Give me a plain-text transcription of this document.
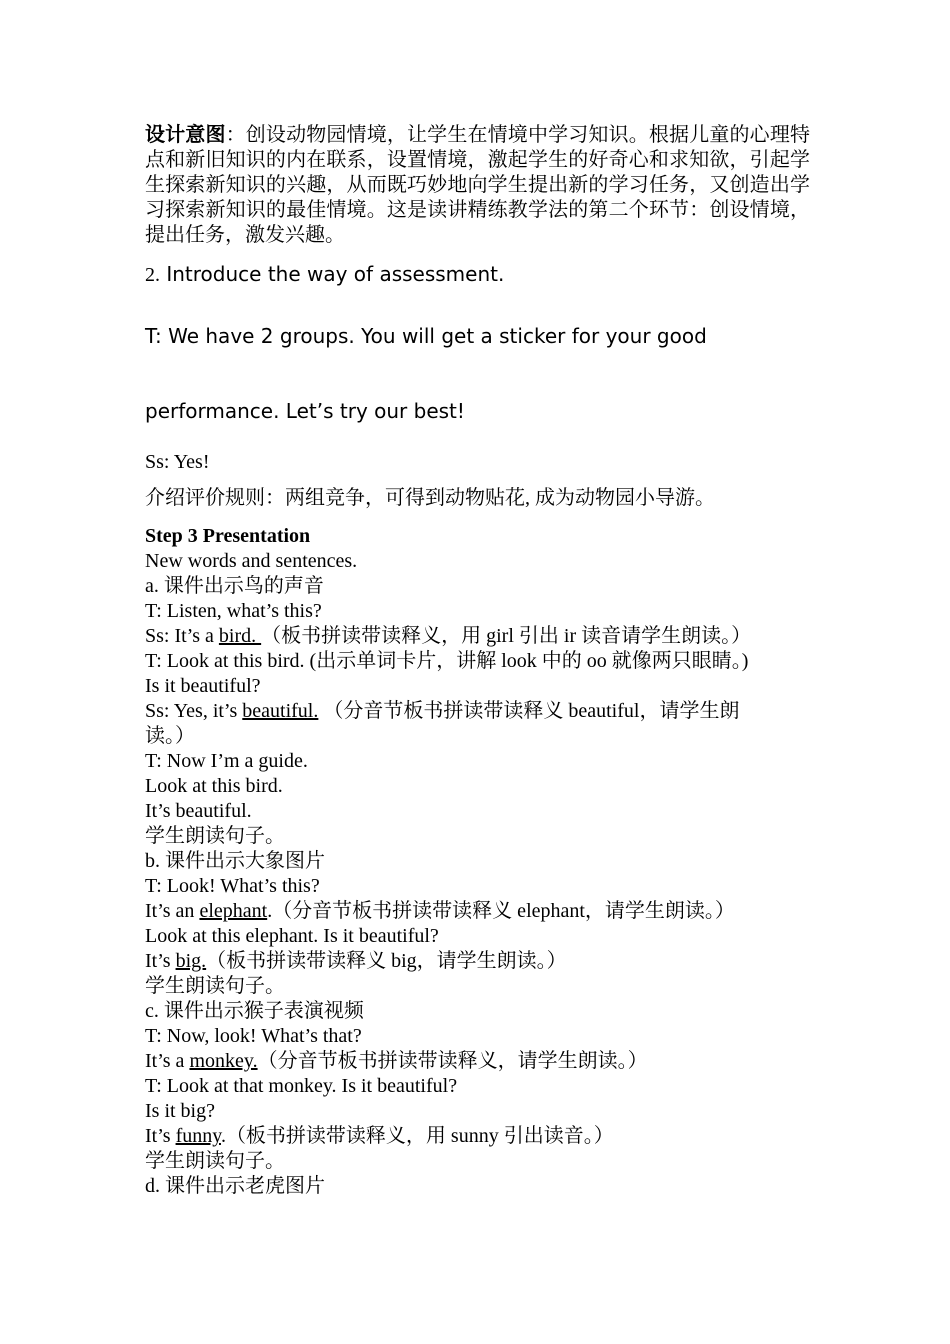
设计意图：创设动物园情境，让学生在情境中学习知识。根据儿童的心理特点和新旧知识的内在联系，设置情境，激起学生的好奇心和求知欲，引起学生探索新知识的兴趣，从而既巧妙地向学生提出新的学习任务，又创造出学习探索新知识的最佳情境。这是读讲精练教学法的第二个环节：创设情境，提出任务，激发兴趣。
2. Introduce the way of assessment.
T: We have 2 groups. You will get a sticker for your good
performance. Let’s try our best!
Ss: Yes!
介绍评价规则：两组竞争，可得到动物贴花, 成为动物园小导游。
Step 3 Presentation
New words and sentences.
a. 课件出示鸟的声音
T: Listen, what’s this?
Ss: It’s a bird. （板书拼读带读释义，用 girl 引出 ir 读音请学生朗读。）
T: Look at this bird. (出示单词卡片，讲解 look 中的 oo 就像两只眼睛。)
Is it beautiful?
Ss: Yes, it’s beautiful. （分音节板书拼读带读释义 beautiful，请学生朗
读。）
T: Now I’m a guide.
Look at this bird.
It’s beautiful.
学生朗读句子。
b. 课件出示大象图片
T: Look! What’s this?
It’s an elephant.（分音节板书拼读带读释义 elephant，请学生朗读。）
Look at this elephant. Is it beautiful?
It’s big.（板书拼读带读释义 big，请学生朗读。）
学生朗读句子。
c. 课件出示猴子表演视频
T: Now, look! What’s that?
It’s a monkey.（分音节板书拼读带读释义，请学生朗读。）
T: Look at that monkey. Is it beautiful?
Is it big?
It’s funny.（板书拼读带读释义，用 sunny 引出读音。）
学生朗读句子。
d. 课件出示老虎图片
